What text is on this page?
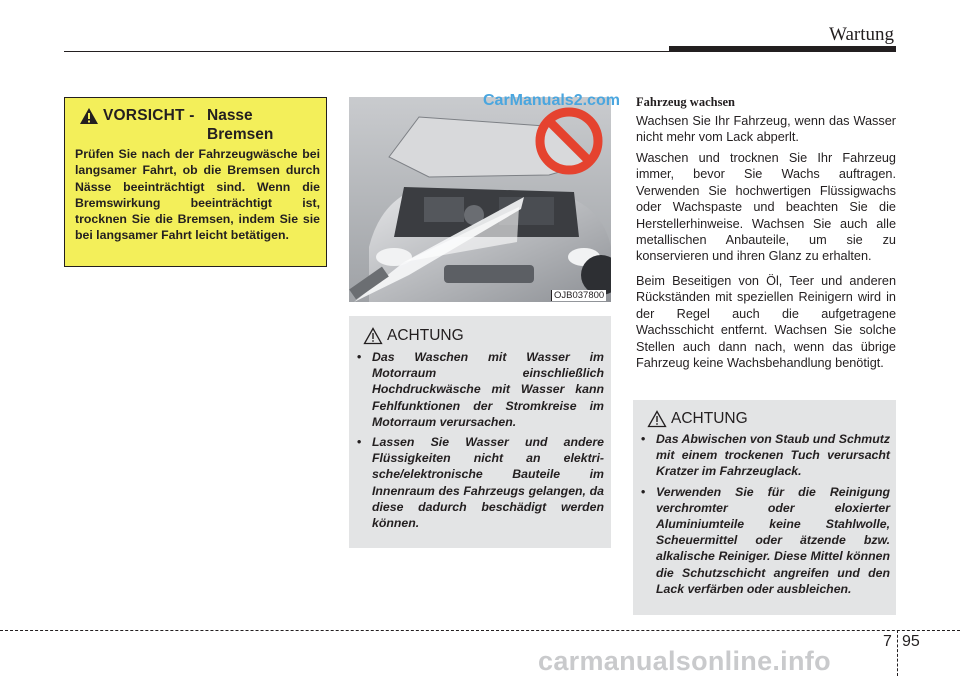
Wartung
VORSICHT - Nasse
Bremsen
Prüfen Sie nach der Fahrzeugwäsche bei langsamer Fahrt, ob die Bremsen durch Nässe beeinträchtigt sind. Wenn die Bremswirkung beeinträchtigt ist, trocknen Sie die Bremsen, indem Sie sie bei langsamer Fahrt leicht betätigen.
CarManuals2.com
OJB037800
ACHTUNG
• Das Waschen mit Wasser im Motorraum einschließlich Hochdruckwäsche mit Wasser kann Fehlfunktionen der Stromkreise im Motorraum verursachen.
• Lassen Sie Wasser und andere Flüssigkeiten nicht an elektrische/elektronische Bauteile im Innenraum des Fahrzeugs gelangen, da diese dadurch beschädigt werden können.
Fahrzeug wachsen

Wachsen Sie Ihr Fahrzeug, wenn das Wasser nicht mehr vom Lack abperlt.

Waschen und trocknen Sie Ihr Fahrzeug immer, bevor Sie Wachs auftragen. Verwenden Sie hochwertigen Flüssigwachs oder Wachspaste und beachten Sie die Herstellerhinweise. Wachsen Sie auch alle metallischen Anbauteile, um sie zu konservieren und ihren Glanz zu erhalten.

Beim Beseitigen von Öl, Teer und anderen Rückständen mit speziellen Reinigern wird in der Regel auch die aufgetragene Wachsschicht entfernt. Wachsen Sie solche Stellen auch dann nach, wenn das übrige Fahrzeug keine Wachsbehandlung benötigt.

ACHTUNG
• Das Abwischen von Staub und Schmutz mit einem trockenen Tuch verursacht Kratzer im Fahrzeuglack.
• Verwenden Sie für die Reinigung verchromter oder eloxierter Aluminiumteile keine Stahlwolle, Scheuermittel oder ätzende bzw. alkalische Reiniger. Diese Mittel können die Schutzschicht angreifen und den Lack verfärben oder ausbleichen.
7 95
carmanualsonline.info
